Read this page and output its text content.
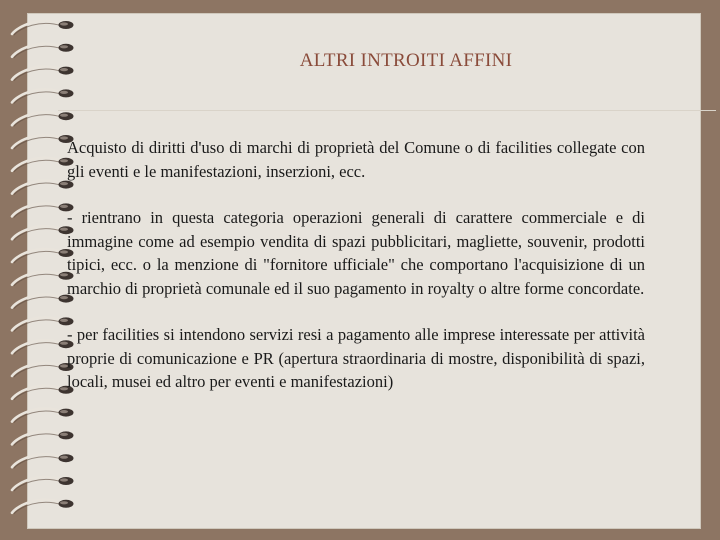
ALTRI INTROITI AFFINI

Acquisto di diritti d'uso di marchi di proprietà del Comune o di facilities collegate con gli eventi e le manifestazioni, inserzioni, ecc.

- rientrano in questa categoria operazioni generali di carattere commerciale e di immagine come ad esempio vendita di spazi pubblicitari, magliette, souvenir, prodotti tipici, ecc. o la menzione di "fornitore ufficiale" che comportano l'acquisizione di un marchio di proprietà comunale ed il suo pagamento in royalty o altre forme concordate.

- per facilities si intendono servizi resi a pagamento alle imprese interessate per attività proprie di comunicazione e PR (apertura straordinaria di mostre, disponibilità di spazi, locali, musei ed altro per eventi e manifestazioni)
